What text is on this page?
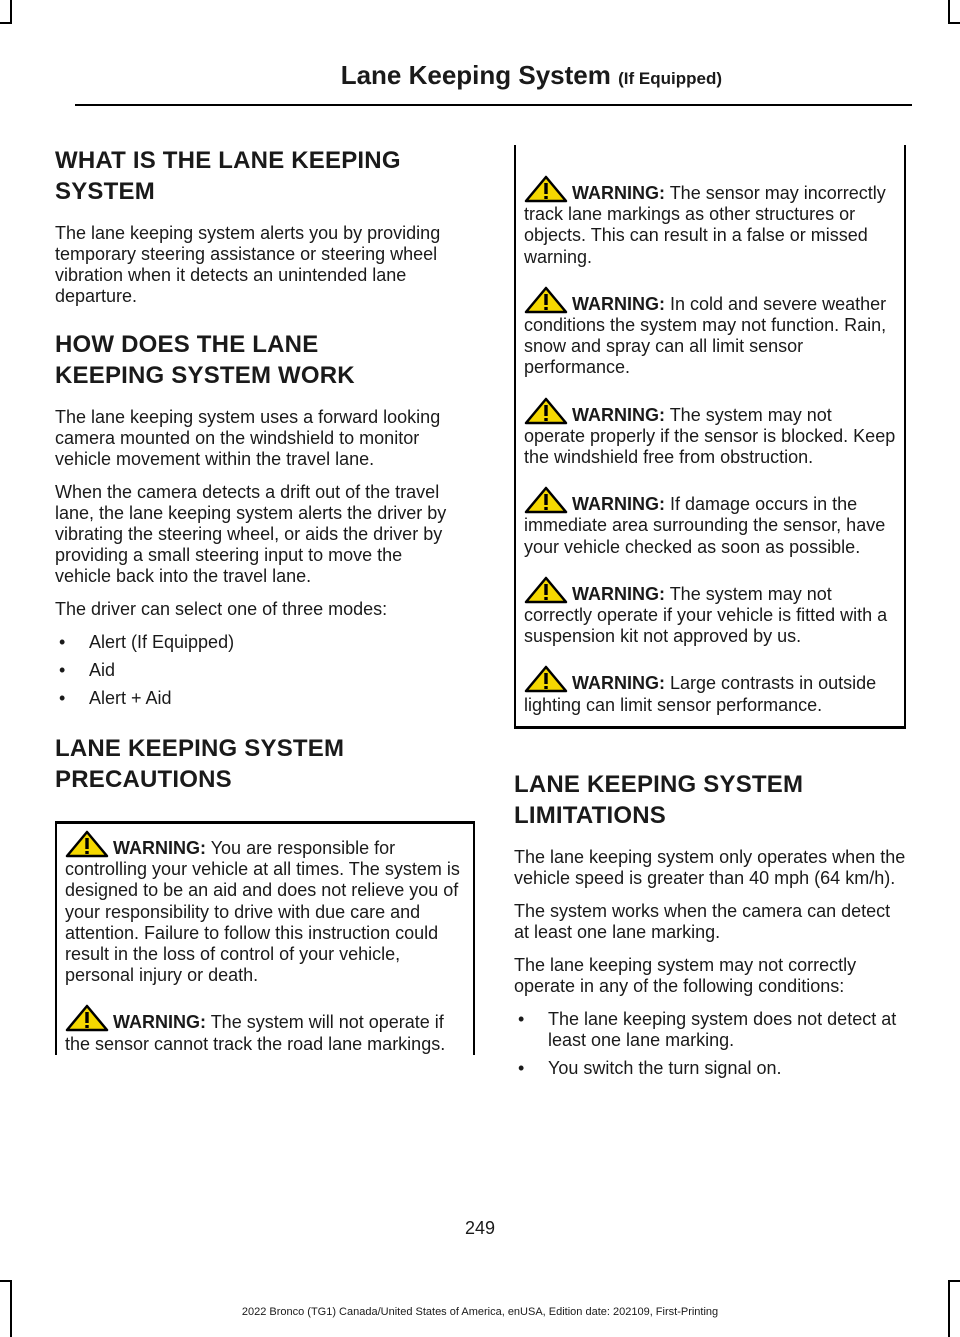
Lane Keeping System (If Equipped)
WHAT IS THE LANE KEEPING
SYSTEM

The lane keeping system alerts you by providing temporary steering assistance or steering wheel vibration when it detects an unintended lane departure.

HOW DOES THE LANE
KEEPING SYSTEM WORK

The lane keeping system uses a forward looking camera mounted on the windshield to monitor vehicle movement within the travel lane.

When the camera detects a drift out of the travel lane, the lane keeping system alerts the driver by vibrating the steering wheel, or aids the driver by providing a small steering input to move the vehicle back into the travel lane.

The driver can select one of three modes:

• Alert (If Equipped)
• Aid
• Alert + Aid
LANE KEEPING SYSTEM
PRECAUTIONS

WARNING: You are responsible for controlling your vehicle at all times. The system is designed to be an aid and does not relieve you of your responsibility to drive with due care and attention. Failure to follow this instruction could result in the loss of control of your vehicle, personal injury or death.

WARNING: The system will not operate if the sensor cannot track the road lane markings.

WARNING: The sensor may incorrectly track lane markings as other structures or objects. This can result in a false or missed warning.

WARNING: In cold and severe weather conditions the system may not function. Rain, snow and spray can all limit sensor performance.

WARNING: The system may not operate properly if the sensor is blocked. Keep the windshield free from obstruction.

WARNING: If damage occurs in the immediate area surrounding the sensor, have your vehicle checked as soon as possible.

WARNING: The system may not correctly operate if your vehicle is fitted with a suspension kit not approved by us.

WARNING: Large contrasts in outside lighting can limit sensor performance.

LANE KEEPING SYSTEM
LIMITATIONS

The lane keeping system only operates when the vehicle speed is greater than 40 mph (64 km/h).

The system works when the camera can detect at least one lane marking.

The lane keeping system may not correctly operate in any of the following conditions:

• The lane keeping system does not detect at least one lane marking.
• You switch the turn signal on.
249
2022 Bronco (TG1) Canada/United States of America, enUSA, Edition date: 202109, First-Printing
